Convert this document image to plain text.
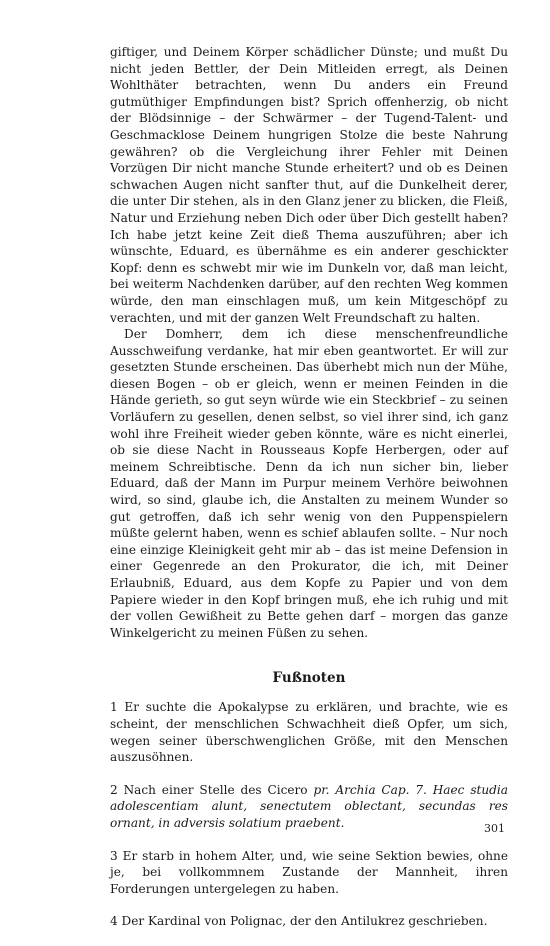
giftiger, und Deinem Körper schädlicher Dünste; und mußt Du nicht jeden Bettler, der Dein Mitleiden erregt, als Deinen Wohlthäter betrachten, wenn Du anders ein Freund gutmüthiger Empfindungen bist? Sprich offenherzig, ob nicht der Blödsinnige – der Schwärmer – der Tugend-Talent- und Geschmacklose Deinem hungrigen Stolze die beste Nahrung gewähren? ob die Vergleichung ihrer Fehler mit Deinen Vorzügen Dir nicht manche Stunde erheitert? und ob es Deinen schwachen Augen nicht sanfter thut, auf die Dunkelheit derer, die unter Dir stehen, als in den Glanz jener zu blicken, die Fleiß, Natur und Erziehung neben Dich oder über Dich gestellt haben? Ich habe jetzt keine Zeit dieß Thema auszuführen; aber ich wünschte, Eduard, es übernähme es ein anderer geschickter Kopf: denn es schwebt mir wie im Dunkeln vor, daß man leicht, bei weiterm Nachdenken darüber, auf den rechten Weg kommen würde, den man einschlagen muß, um kein Mitgeschöpf zu verachten, und mit der ganzen Welt Freundschaft zu halten.

Der Domherr, dem ich diese menschenfreundliche Ausschweifung verdanke, hat mir eben geantwortet. Er will zur gesetzten Stunde erscheinen. Das überhebt mich nun der Mühe, diesen Bogen – ob er gleich, wenn er meinen Feinden in die Hände gerieth, so gut seyn würde wie ein Steckbrief – zu seinen Vorläufern zu gesellen, denen selbst, so viel ihrer sind, ich ganz wohl ihre Freiheit wieder geben könnte, wäre es nicht einerlei, ob sie diese Nacht in Rousseaus Kopfe Herbergen, oder auf meinem Schreibtische. Denn da ich nun sicher bin, lieber Eduard, daß der Mann im Purpur meinem Verhöre beiwohnen wird, so sind, glaube ich, die Anstalten zu meinem Wunder so gut getroffen, daß ich sehr wenig von den Puppenspielern müßte gelernt haben, wenn es schief ablaufen sollte. – Nur noch eine einzige Kleinigkeit geht mir ab – das ist meine Defension in einer Gegenrede an den Prokurator, die ich, mit Deiner Erlaubniß, Eduard, aus dem Kopfe zu Papier und von dem Papiere wieder in den Kopf bringen muß, ehe ich ruhig und mit der vollen Gewißheit zu Bette gehen darf – morgen das ganze Winkelgericht zu meinen Füßen zu sehen.

Fußnoten

1 Er suchte die Apokalypse zu erklären, und brachte, wie es scheint, der menschlichen Schwachheit dieß Opfer, um sich, wegen seiner überschwenglichen Größe, mit den Menschen auszusöhnen.

2 Nach einer Stelle des Cicero pr. Archia Cap. 7. Haec studia adolescentiam alunt, senectutem oblectant, secundas res ornant, in adversis solatium praebent.

3 Er starb in hohem Alter, und, wie seine Sektion bewies, ohne je, bei vollkommnem Zustande der Mannheit, ihren Forderungen untergelegen zu haben.

4 Der Kardinal von Polignac, der den Antilukrez geschrieben.

301
